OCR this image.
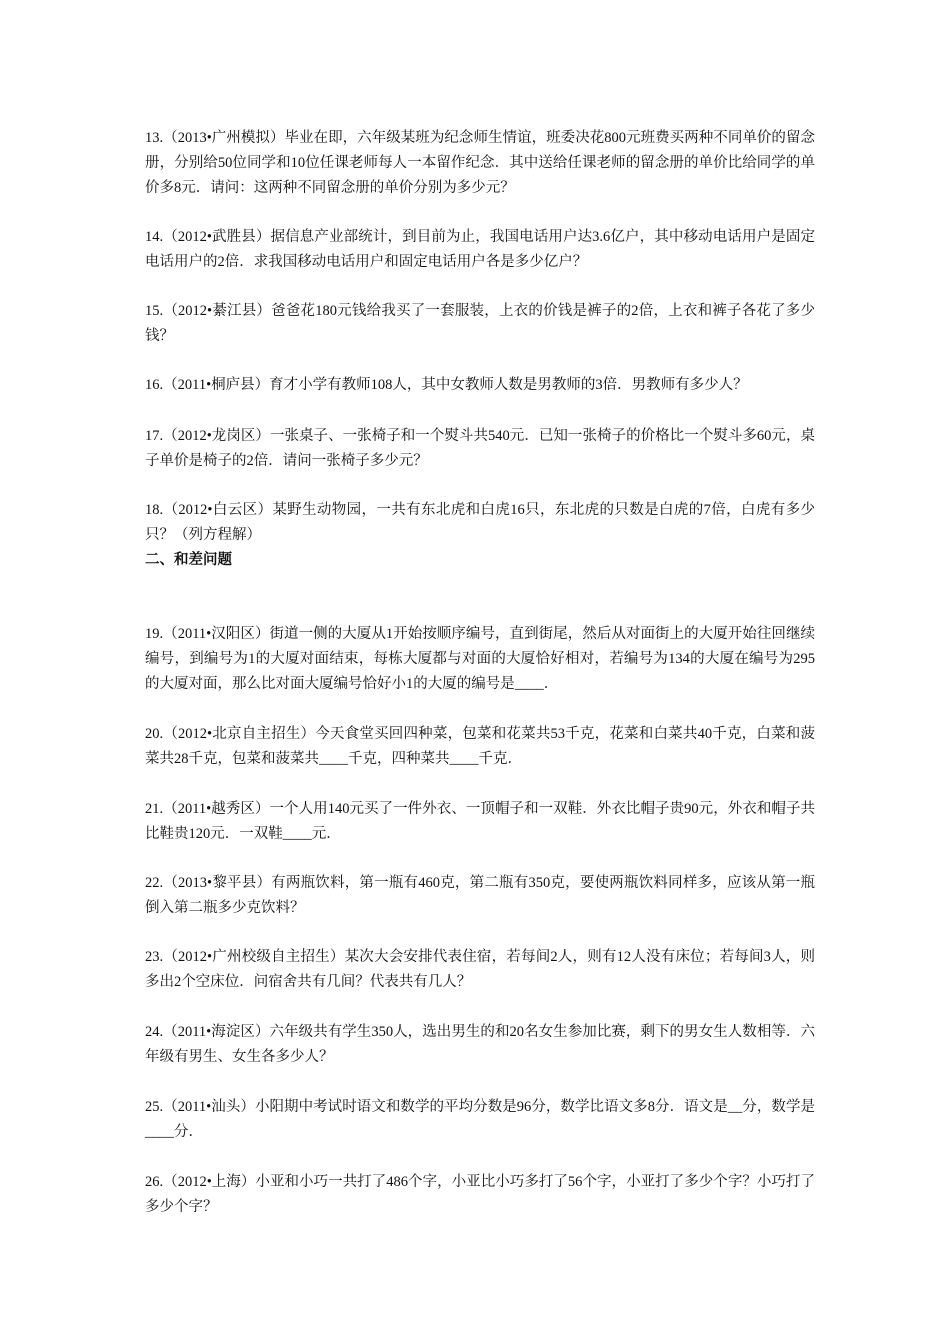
13.（2013•广州模拟）毕业在即，六年级某班为纪念师生情谊，班委决花800元班费买两种不同单价的留念册，分别给50位同学和10位任课老师每人一本留作纪念．其中送给任课老师的留念册的单价比给同学的单价多8元．请问：这两种不同留念册的单价分别为多少元？
14.（2012•武胜县）据信息产业部统计，到目前为止，我国电话用户达3.6亿户，其中移动电话用户是固定电话用户的2倍．求我国移动电话用户和固定电话用户各是多少亿户？
15.（2012•綦江县）爸爸花180元钱给我买了一套服装，上衣的价钱是裤子的2倍，上衣和裤子各花了多少钱？
16.（2011•桐庐县）育才小学有教师108人，其中女教师人数是男教师的3倍．男教师有多少人？
17.（2012•龙岗区）一张桌子、一张椅子和一个熨斗共540元．已知一张椅子的价格比一个熨斗多60元，桌子单价是椅子的2倍．请问一张椅子多少元？
18.（2012•白云区）某野生动物园，一共有东北虎和白虎16只，东北虎的只数是白虎的7倍，白虎有多少只？（列方程解）
二、和差问题
19.（2011•汉阳区）街道一侧的大厦从1开始按顺序编号，直到街尾，然后从对面街上的大厦开始往回继续编号，到编号为1的大厦对面结束，每栋大厦都与对面的大厦恰好相对，若编号为134的大厦在编号为295的大厦对面，那么比对面大厦编号恰好小1的大厦的编号是____．
20.（2012•北京自主招生）今天食堂买回四种菜，包菜和花菜共53千克，花菜和白菜共40千克，白菜和菠菜共28千克，包菜和菠菜共____千克，四种菜共____千克．
21.（2011•越秀区）一个人用140元买了一件外衣、一顶帽子和一双鞋．外衣比帽子贵90元，外衣和帽子共比鞋贵120元．一双鞋____元．
22.（2013•黎平县）有两瓶饮料，第一瓶有460克，第二瓶有350克，要使两瓶饮料同样多，应该从第一瓶倒入第二瓶多少克饮料？
23.（2012•广州校级自主招生）某次大会安排代表住宿，若每间2人，则有12人没有床位；若每间3人，则多出2个空床位．问宿舍共有几间？代表共有几人？
24.（2011•海淀区）六年级共有学生350人，选出男生的和20名女生参加比赛，剩下的男女生人数相等．六年级有男生、女生各多少人？
25.（2011•汕头）小阳期中考试时语文和数学的平均分数是96分，数学比语文多8分．语文是__分，数学是____分．
26.（2012•上海）小亚和小巧一共打了486个字，小亚比小巧多打了56个字，小亚打了多少个字？小巧打了多少个字？
